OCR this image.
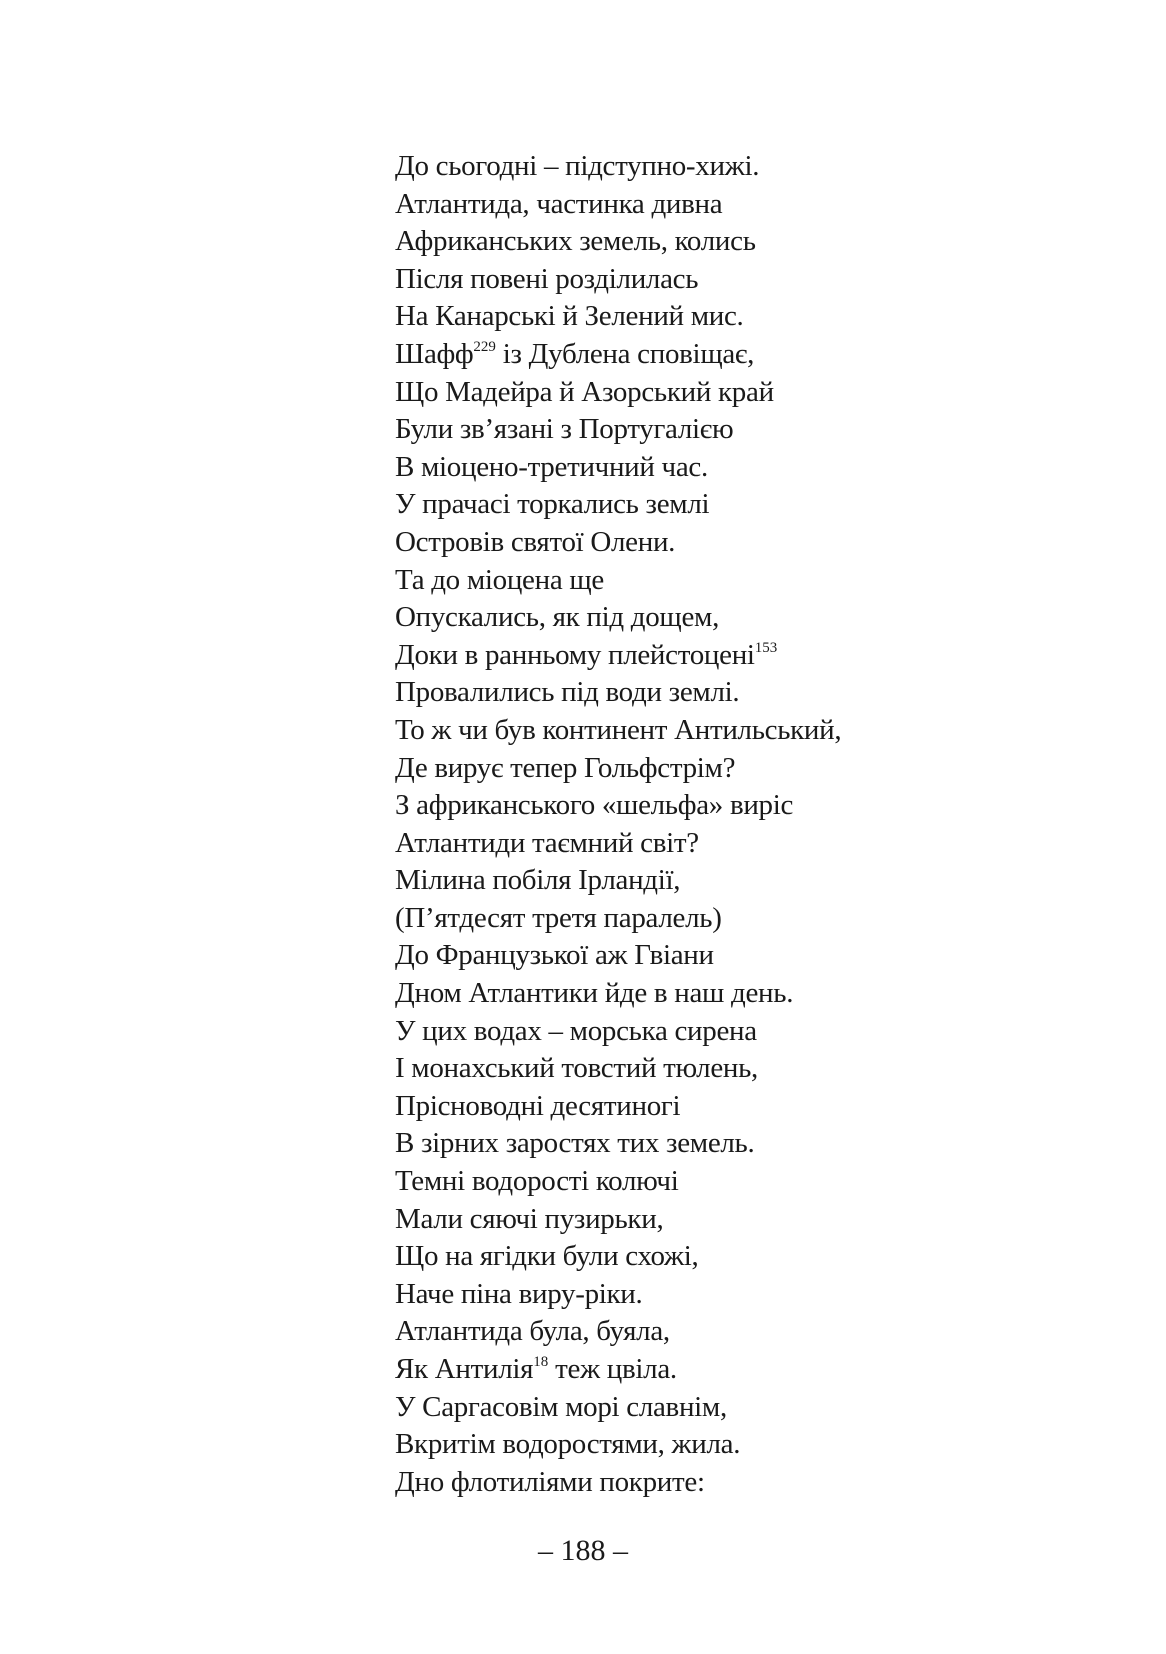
До сьогодні – підступно-хижі.
Атлантида, частинка дивна
Африканських земель, колись
Після повені розділилась
На Канарські й Зелений мис.
Шафф$^{229}$ із Дублена сповіщає,
Що Мадейра й Азорський край
Були зв’язані з Португалією
В міоцено-третичний час.
У прачасі торкались землі
Островів святої Олени.
Та до міоцена ще
Опускались, як під дощем,
Доки в ранньому плейстоцені$^{153}$
Провалились під води землі.
То ж чи був континент Антильський,
Де вирує тепер Гольфстрім?
З африканського «шельфа» виріс
Атлантиди таємний світ?
Мілина побіля Ірландії,
(П’ятдесят третя паралель)
До Французької аж Гвіани
Дном Атлантики йде в наш день.
У цих водах – морська сирена
І монахський товстий тюлень,
Прісноводні десятиногі
В зірних заростях тих земель.
Темні водорості колючі
Мали сяючі пузирьки,
Що на ягідки були схожі,
Наче піна виру-ріки.
Атлантида була, буяла,
Як Антилія$^{18}$ теж цвіла.
У Саргасовім морі славнім,
Вкритім водоростями, жила.
Дно флотиліями покрите:
– 188 –
